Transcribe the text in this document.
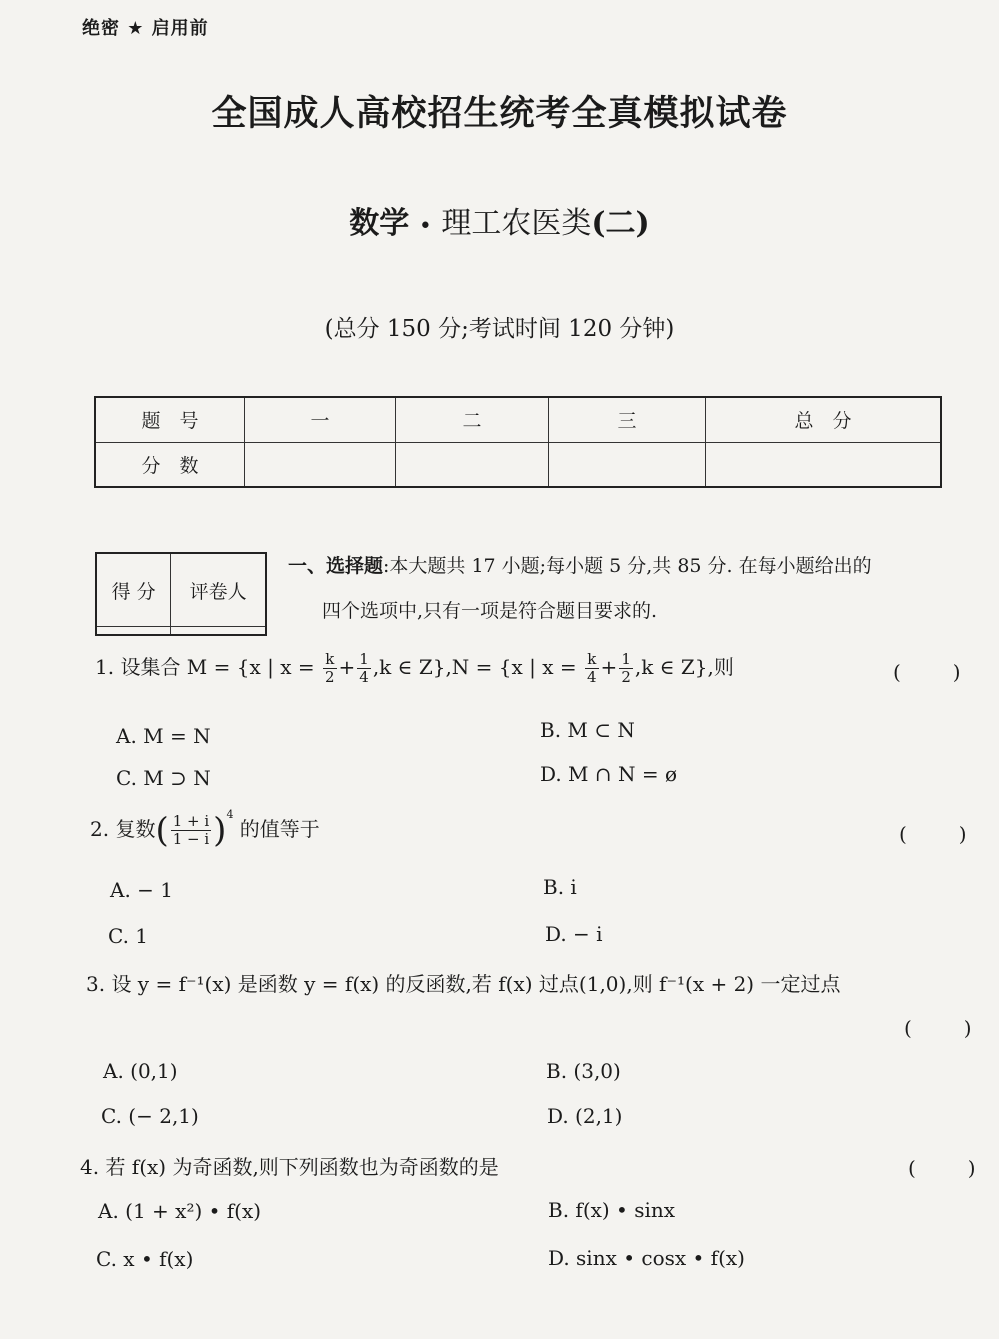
绝密 ★ 启用前
全国成人高校招生统考全真模拟试卷
数学 • 理工农医类(二)
(总分 150 分;考试时间 120 分钟)
题　号	一	二	三	总　分
分　数				
得 分	评卷人

一、选择题:本大题共 17 小题;每小题 5 分,共 85 分. 在每小题给出的
四个选项中,只有一项是符合题目要求的.
1. 设集合 M = {x | $x = \frac{k}{2} + \frac{1}{4} ,k$ ∈ Z},N = {x | $x = \frac{k}{4} + \frac{1}{2} ,k$ ∈ Z},则	(　)
A. M = N	B. M ⊂ N
C. M ⊃ N	D. M ∩ N = ø
2. 复数( $\frac{1 + i}{1 - i} )^4$ 的值等于	(　)
A. − 1	B. i
C. 1	D. − i
3. 设 y = f⁻¹(x) 是函数 y = f(x) 的反函数,若 f(x) 过点(1,0),则 f⁻¹(x + 2) 一定过点
(　)
A. (0,1)	B. (3,0)
C. (− 2,1)	D. (2,1)
4. 若 f(x) 为奇函数,则下列函数也为奇函数的是	(　)
A. (1 + x²) • f(x)	B. f(x) • sinx
C. x • f(x)	D. sinx • cosx • f(x)
